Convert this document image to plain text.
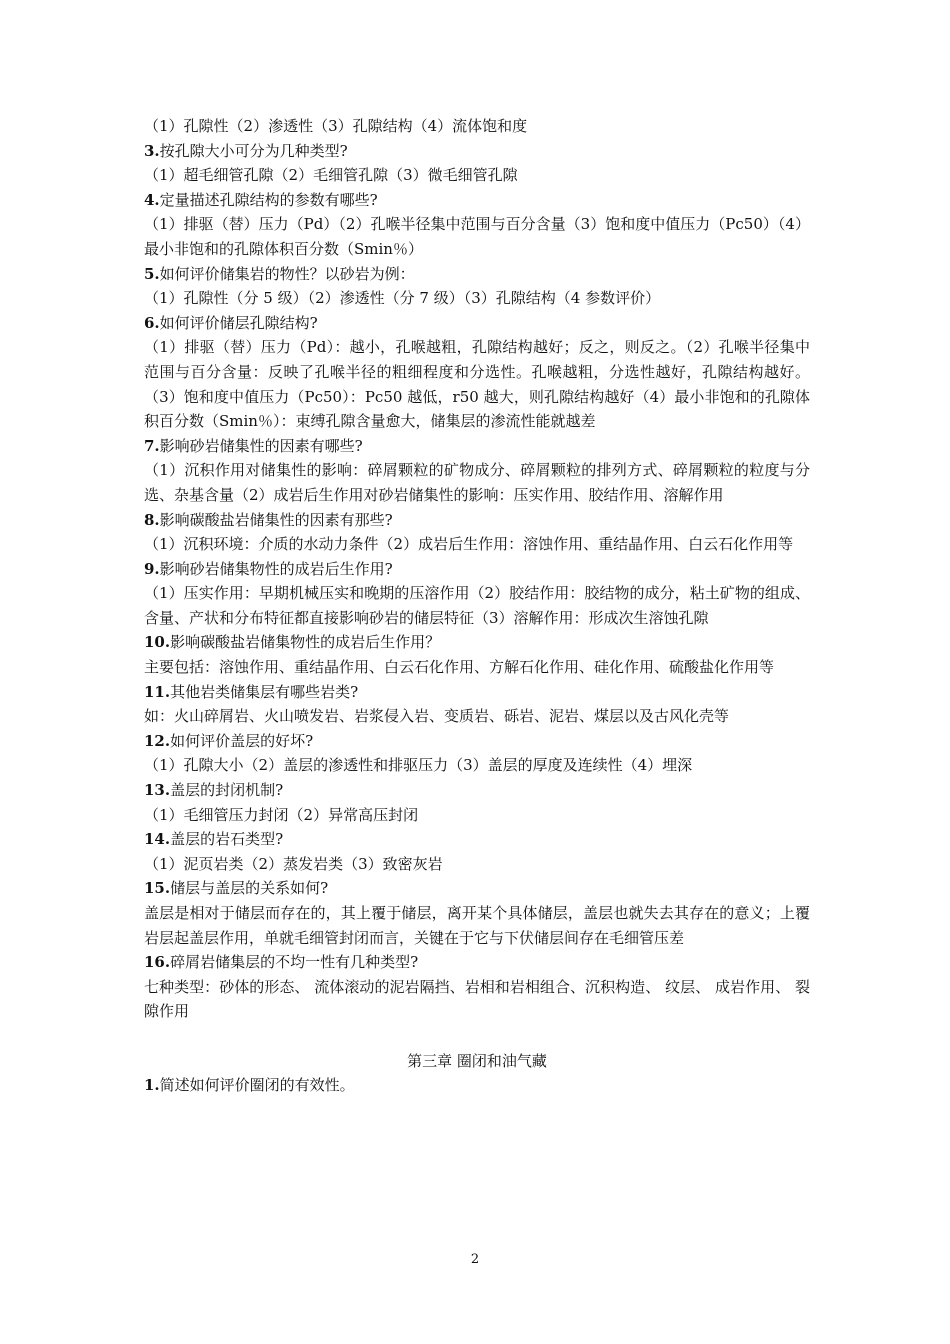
（1）孔隙性（2）渗透性（3）孔隙结构（4）流体饱和度

3.按孔隙大小可分为几种类型?

（1）超毛细管孔隙（2）毛细管孔隙（3）微毛细管孔隙

4.定量描述孔隙结构的参数有哪些?

（1）排驱（替）压力（Pd）（2）孔喉半径集中范围与百分含量（3）饱和度中值压力（Pc50）（4）最小非饱和的孔隙体积百分数（Smin％）

5.如何评价储集岩的物性？以砂岩为例：

（1）孔隙性（分 5 级）（2）渗透性（分 7 级）（3）孔隙结构（4 参数评价）

6.如何评价储层孔隙结构?

（1）排驱（替）压力（Pd）：越小，孔喉越粗，孔隙结构越好；反之，则反之。（2）孔喉半径集中范围与百分含量：反映了孔喉半径的粗细程度和分选性。孔喉越粗，分选性越好，孔隙结构越好。（3）饱和度中值压力（Pc50）：Pc50 越低，r50 越大，则孔隙结构越好（4）最小非饱和的孔隙体积百分数（Smin％）：束缚孔隙含量愈大，储集层的渗流性能就越差

7.影响砂岩储集性的因素有哪些?

（1）沉积作用对储集性的影响：碎屑颗粒的矿物成分、碎屑颗粒的排列方式、碎屑颗粒的粒度与分选、杂基含量（2）成岩后生作用对砂岩储集性的影响：压实作用、胶结作用、溶解作用

8.影响碳酸盐岩储集性的因素有那些?

（1）沉积环境：介质的水动力条件（2）成岩后生作用：溶蚀作用、重结晶作用、白云石化作用等

9.影响砂岩储集物性的成岩后生作用?

（1）压实作用：早期机械压实和晚期的压溶作用（2）胶结作用：胶结物的成分，粘土矿物的组成、含量、产状和分布特征都直接影响砂岩的储层特征（3）溶解作用：形成次生溶蚀孔隙

10.影响碳酸盐岩储集物性的成岩后生作用？

主要包括：溶蚀作用、重结晶作用、白云石化作用、方解石化作用、硅化作用、硫酸盐化作用等

11.其他岩类储集层有哪些岩类?

如：火山碎屑岩、火山喷发岩、岩浆侵入岩、变质岩、砾岩、泥岩、煤层以及古风化壳等

12.如何评价盖层的好坏?

（1）孔隙大小（2）盖层的渗透性和排驱压力（3）盖层的厚度及连续性（4）埋深

13.盖层的封闭机制?

（1）毛细管压力封闭（2）异常高压封闭

14.盖层的岩石类型?

（1）泥页岩类（2）蒸发岩类（3）致密灰岩

15.储层与盖层的关系如何?

盖层是相对于储层而存在的，其上覆于储层，离开某个具体储层，盖层也就失去其存在的意义；上覆岩层起盖层作用，单就毛细管封闭而言，关键在于它与下伏储层间存在毛细管压差

16.碎屑岩储集层的不均一性有几种类型?

七种类型：砂体的形态、 流体滚动的泥岩隔挡、岩相和岩相组合、沉积构造、 纹层、 成岩作用、 裂隙作用

第三章 圈闭和油气藏

1.简述如何评价圈闭的有效性。

2
